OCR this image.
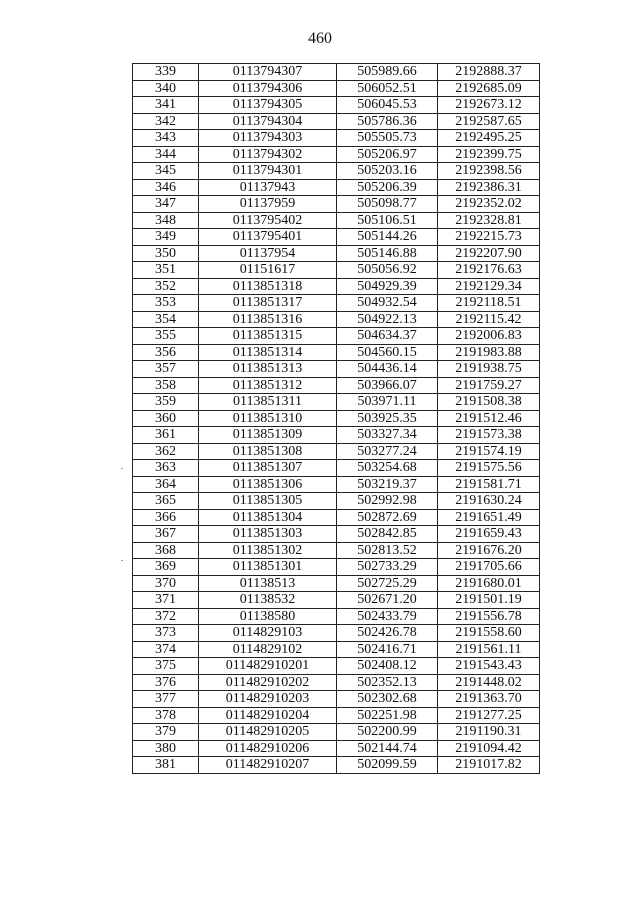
460
339	0113794307	505989.66	2192888.37
340	0113794306	506052.51	2192685.09
341	0113794305	506045.53	2192673.12
342	0113794304	505786.36	2192587.65
343	0113794303	505505.73	2192495.25
344	0113794302	505206.97	2192399.75
345	0113794301	505203.16	2192398.56
346	01137943	505206.39	2192386.31
347	01137959	505098.77	2192352.02
348	0113795402	505106.51	2192328.81
349	0113795401	505144.26	2192215.73
350	01137954	505146.88	2192207.90
351	01151617	505056.92	2192176.63
352	0113851318	504929.39	2192129.34
353	0113851317	504932.54	2192118.51
354	0113851316	504922.13	2192115.42
355	0113851315	504634.37	2192006.83
356	0113851314	504560.15	2191983.88
357	0113851313	504436.14	2191938.75
358	0113851312	503966.07	2191759.27
359	0113851311	503971.11	2191508.38
360	0113851310	503925.35	2191512.46
361	0113851309	503327.34	2191573.38
362	0113851308	503277.24	2191574.19
363	0113851307	503254.68	2191575.56
364	0113851306	503219.37	2191581.71
365	0113851305	502992.98	2191630.24
366	0113851304	502872.69	2191651.49
367	0113851303	502842.85	2191659.43
368	0113851302	502813.52	2191676.20
369	0113851301	502733.29	2191705.66
370	01138513	502725.29	2191680.01
371	01138532	502671.20	2191501.19
372	01138580	502433.79	2191556.78
373	0114829103	502426.78	2191558.60
374	0114829102	502416.71	2191561.11
375	011482910201	502408.12	2191543.43
376	011482910202	502352.13	2191448.02
377	011482910203	502302.68	2191363.70
378	011482910204	502251.98	2191277.25
379	011482910205	502200.99	2191190.31
380	011482910206	502144.74	2191094.42
381	011482910207	502099.59	2191017.82
